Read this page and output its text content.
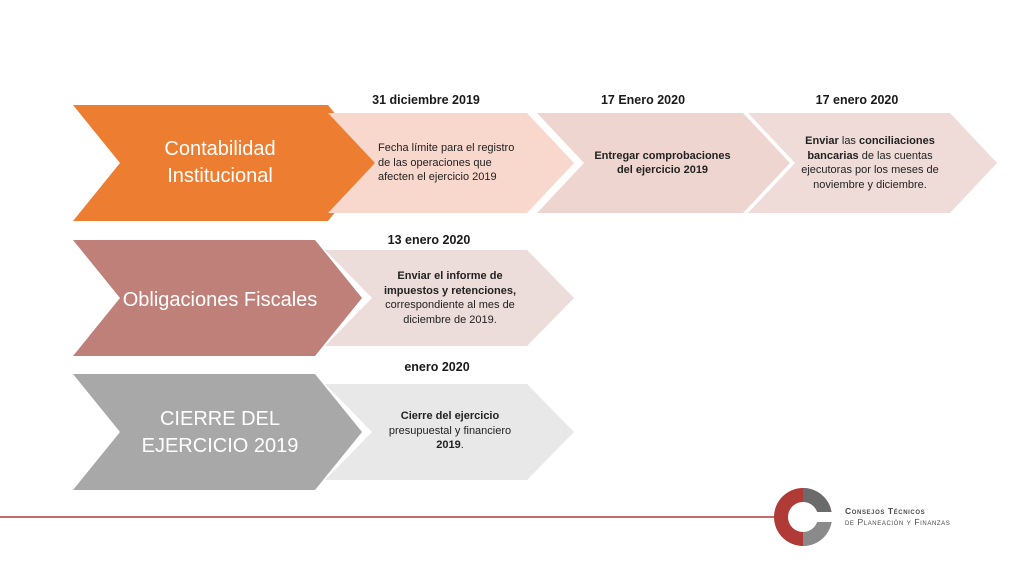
Contabilidad Institucional
31 diciembre 2019
Fecha límite para el registro de las operaciones que afecten el ejercicio 2019
17 Enero 2020
Entregar comprobaciones del ejercicio 2019
17 enero 2020
Enviar las conciliaciones bancarias de las cuentas ejecutoras por los meses de noviembre y diciembre.
Obligaciones Fiscales
13 enero 2020
Enviar el informe de impuestos y retenciones, correspondiente al mes de diciembre de 2019.
CIERRE DEL EJERCICIO 2019
enero 2020
Cierre del ejercicio presupuestal y financiero 2019.
Consejos Técnicos
de Planeación y Finanzas
